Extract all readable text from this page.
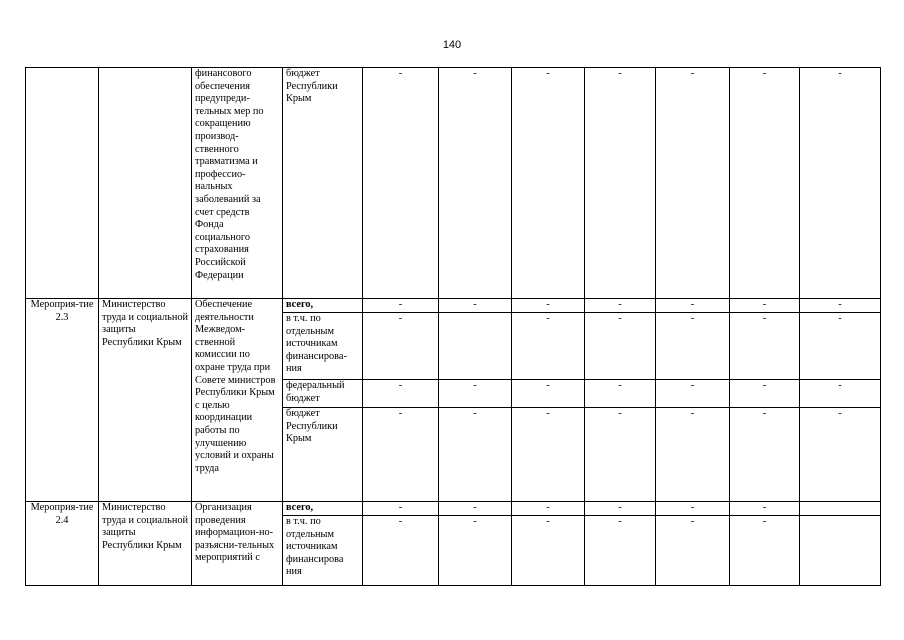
140
		финансового обеспечения предупреди-тельных мер по сокращению производ-ственного травматизма и профессио-нальных заболеваний за счет средств Фонда социального страхования Российской Федерации	бюджет Республики Крым	-	-	-	-	-	-	-
Мероприя-тие 2.3	Министерство труда и социальной защиты Республики Крым	Обеспечение деятельности Межведом-ственной комиссии по охране труда при Совете министров Республики Крым с целью координации работы по улучшению условий и охраны труда	всего,	-	-	-	-	-	-	-
			в т.ч. по отдельным источникам финансирова-ния	-		-	-	-	-	-
			федеральный бюджет	-	-	-	-	-	-	-
			бюджет Республики Крым	-	-	-	-	-	-	-
Мероприя-тие 2.4	Министерство труда и социальной защиты Республики Крым	Организация проведения информацион-но-разъясни-тельных мероприятий с	всего,	-	-	-	-	-	-	
			в т.ч. по отдельным источникам финансирова ния	-	-	-	-	-	-	
